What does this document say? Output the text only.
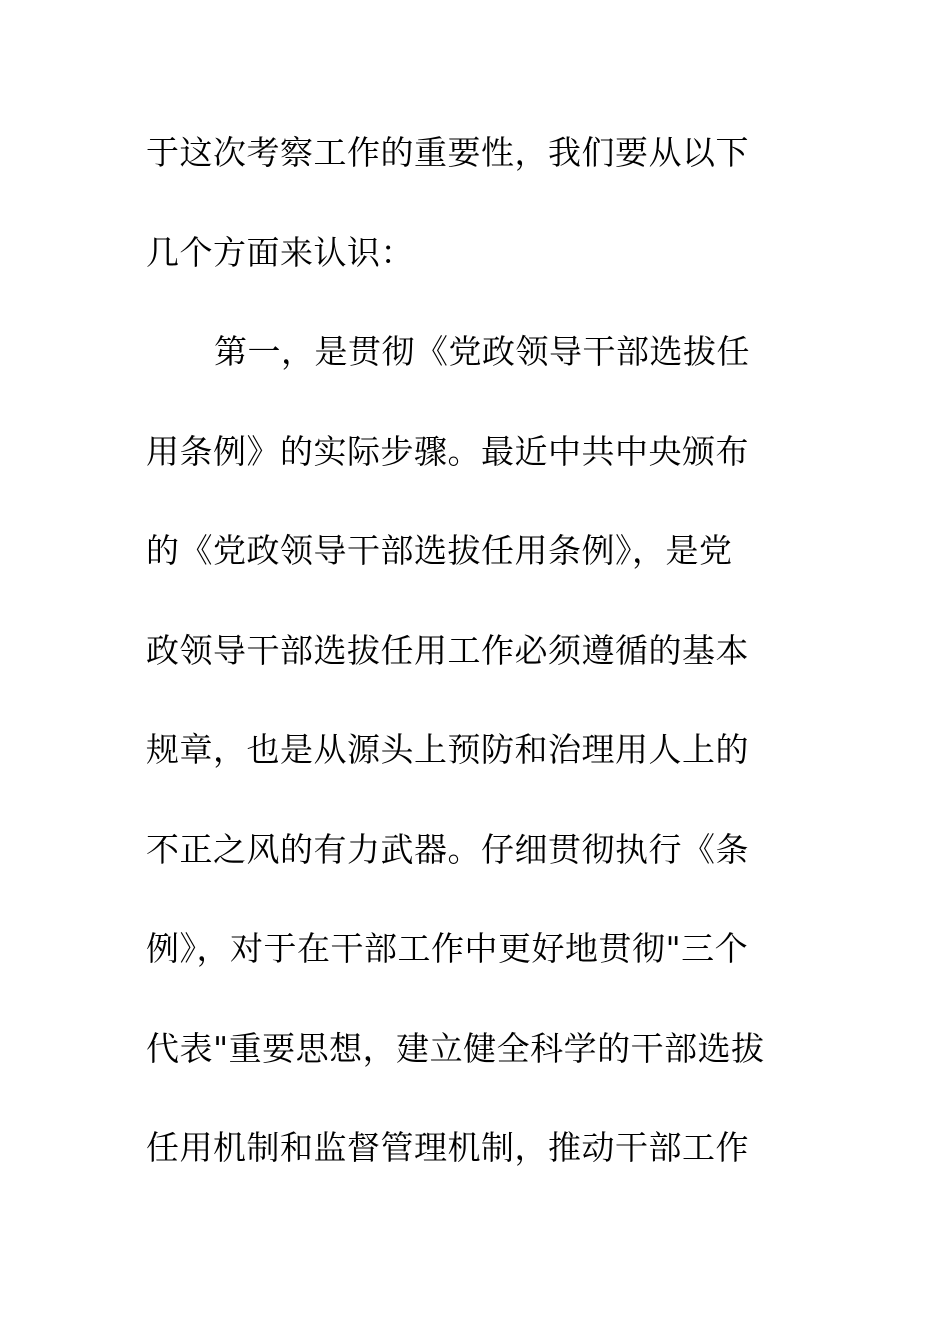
于这次考察工作的重要性，我们要从以下
几个方面来认识：
第一，是贯彻《党政领导干部选拔任
用条例》的实际步骤。最近中共中央颁布
的《党政领导干部选拔任用条例》，是党
政领导干部选拔任用工作必须遵循的基本
规章，也是从源头上预防和治理用人上的
不正之风的有力武器。仔细贯彻执行《条
例》，对于在干部工作中更好地贯彻"三个
代表"重要思想，建立健全科学的干部选拔
任用机制和监督管理机制，推动干部工作
